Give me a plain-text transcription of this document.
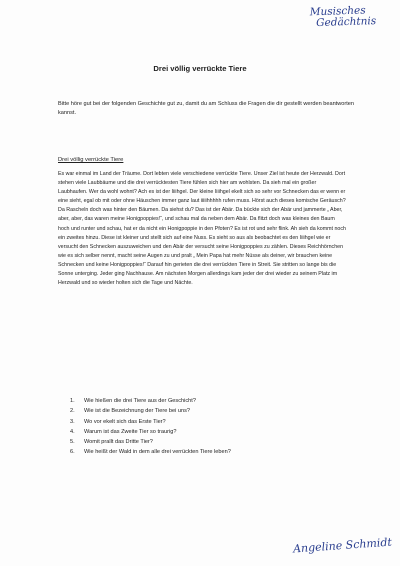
Musisches
Gedächtnis
Drei völlig verrückte Tiere
Bitte höre gut bei der folgenden Geschichte gut zu, damit du am Schluss die Fragen die dir gestellt werden beantworten kannst.
Drei völlig verrückte Tiere
Es war einmal im Land der Träume. Dort lebten viele verschiedene verrückte Tiere. Unser Ziel ist heute der Herzwald. Dort stehen viele Laubbäume und die drei verrücktesten Tiere fühlen sich hier am wohlsten. Da sieh mal ein großer Laubhaufen. Wer da wohl wohnt? Ach es ist der Iiiihgel. Der kleine Iiiihgel ekelt sich so sehr vor Schnecken das er wenn er eine sieht, egal ob mit oder ohne Häuschen immer ganz laut iiiiihhhhh rufen muss. Hörst auch dieses komische Geräusch? Da Rascheln doch was hinter den Bäumen. Da siehst du? Das ist der Abär. Da bückte sich der Abär und jammerte „ Aber, aber, aber, das waren meine Honigpoppies!“, und schau mal da neben dem Abär. Da flitzt doch was kleines den Baum hoch und runter und schau, hat er da nicht ein Honigpoppie in den Pfoten? Es ist rot und sehr flink. Ah sieh da kommt noch ein zweites hinzu. Diese ist kleiner und stellt sich auf eine Nuss. Es sieht so aus als beobachtet es den Iiiihgel wie er versucht den Schnecken auszuweichen und den Abär der versucht seine Honigpoppies zu zählen. Dieses Reichhörnchen wie es sich selber nennt, macht seine Augen zu und pralt „ Mein Papa hat mehr Nüsse als deiner, wir brauchen keine Schnecken und keine Honigpoppies!“ Darauf hin gerieten die drei verrückten Tiere in Streit. Sie stritten so lange bis die Sonne unterging. Jeder ging Nachhause. Am nächsten Morgen allerdings kam jeder der drei wieder zu seinem Platz im Herzwald und so wieder holten sich die Tage und Nächte.
1.	Wie hießen die drei Tiere aus der Geschicht?
2.	Wie ist die Bezeichnung der Tiere bei uns?
3.	Wo vor ekelt sich das Erste Tier?
4.	Warum ist das Zweite Tier so traurig?
5.	Womit prallt das Dritte Tier?
6.	Wie heißt der Wald in dem alle drei verrückten Tiere leben?
Angeline Schmidt
